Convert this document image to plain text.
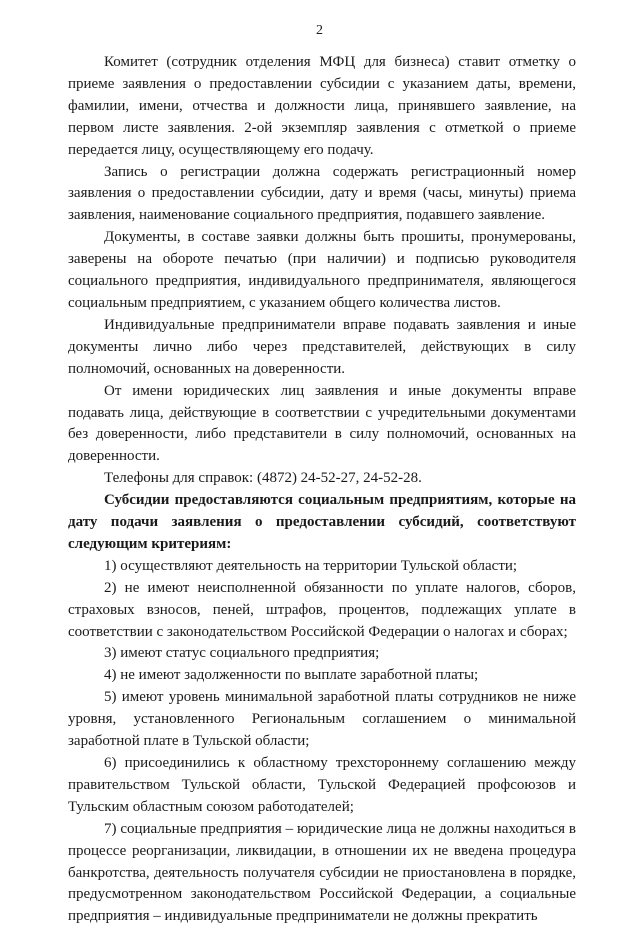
2

Комитет (сотрудник отделения МФЦ для бизнеса) ставит отметку о приеме заявления о предоставлении субсидии с указанием даты, времени, фамилии, имени, отчества и должности лица, принявшего заявление, на первом листе заявления. 2-ой экземпляр заявления с отметкой о приеме передается лицу, осуществляющему его подачу.

Запись о регистрации должна содержать регистрационный номер заявления о предоставлении субсидии, дату и время (часы, минуты) приема заявления, наименование социального предприятия, подавшего заявление.

Документы, в составе заявки должны быть прошиты, пронумерованы, заверены на обороте печатью (при наличии) и подписью руководителя социального предприятия, индивидуального предпринимателя, являющегося социальным предприятием, с указанием общего количества листов.

Индивидуальные предприниматели вправе подавать заявления и иные документы лично либо через представителей, действующих в силу полномочий, основанных на доверенности.

От имени юридических лиц заявления и иные документы вправе подавать лица, действующие в соответствии с учредительными документами без доверенности, либо представители в силу полномочий, основанных на доверенности.

Телефоны для справок: (4872) 24-52-27, 24-52-28.

Субсидии предоставляются социальным предприятиям, которые на дату подачи заявления о предоставлении субсидий, соответствуют следующим критериям:

1) осуществляют деятельность на территории Тульской области;

2) не имеют неисполненной обязанности по уплате налогов, сборов, страховых взносов, пеней, штрафов, процентов, подлежащих уплате в соответствии с законодательством Российской Федерации о налогах и сборах;

3) имеют статус социального предприятия;

4) не имеют задолженности по выплате заработной платы;

5) имеют уровень минимальной заработной платы сотрудников не ниже уровня, установленного Региональным соглашением о минимальной заработной плате в Тульской области;

6) присоединились к областному трехстороннему соглашению между правительством Тульской области, Тульской Федерацией профсоюзов и Тульским областным союзом работодателей;

7) социальные предприятия – юридические лица не должны находиться в процессе реорганизации, ликвидации, в отношении их не введена процедура банкротства, деятельность получателя субсидии не приостановлена в порядке, предусмотренном законодательством Российской Федерации, а социальные предприятия – индивидуальные предприниматели не должны прекратить
